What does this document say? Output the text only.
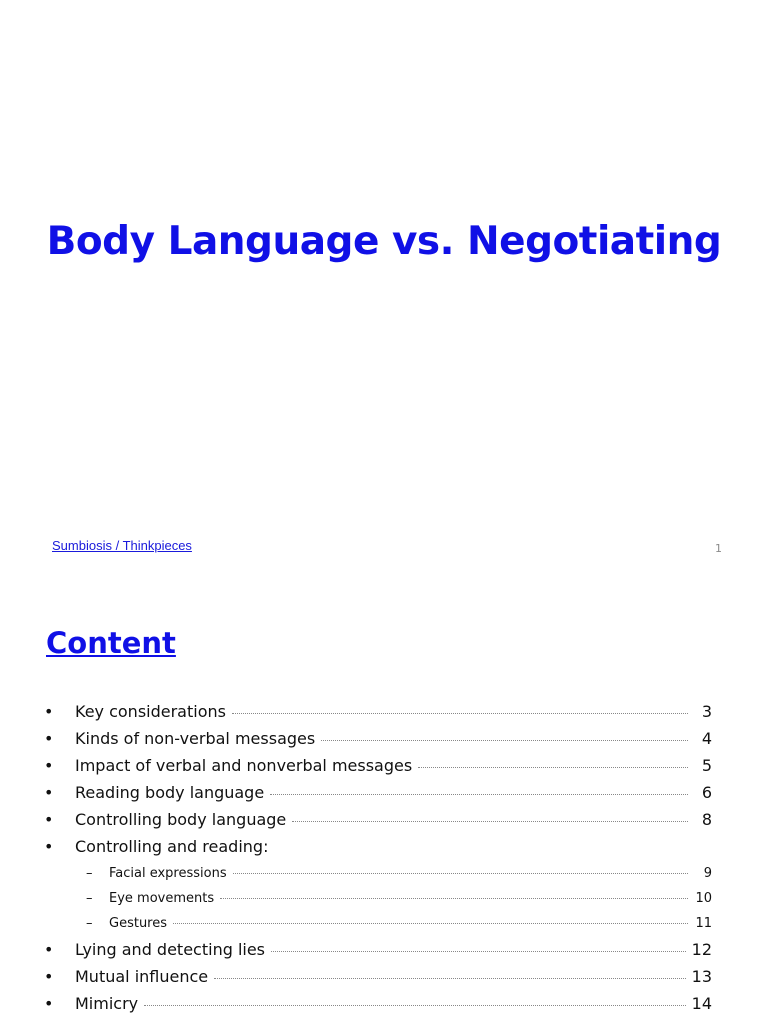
Body Language vs. Negotiating
Sumbiosis / Thinkpieces	1
Content
• Key considerations	3
• Kinds of non-verbal messages	4
• Impact of verbal and nonverbal messages	5
• Reading body language	6
• Controlling body language	8
• Controlling and reading:
– Facial expressions	9
– Eye movements	10
– Gestures	11
• Lying and detecting lies	12
• Mutual influence	13
• Mimicry	14
